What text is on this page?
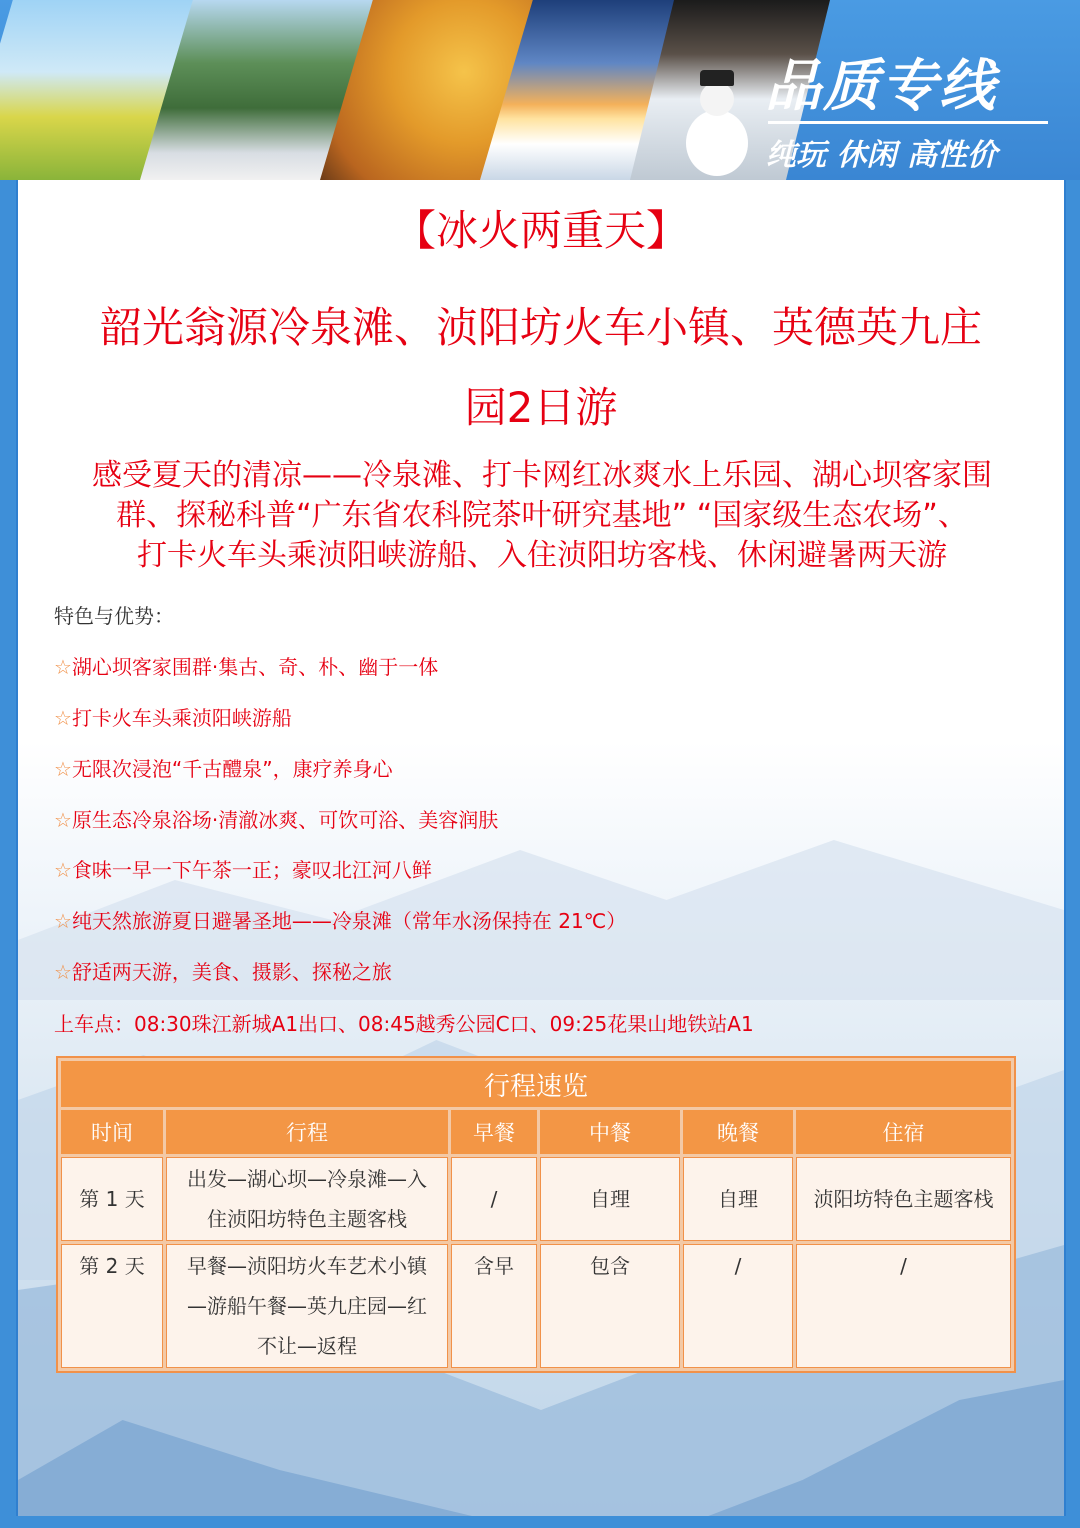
品质专线
纯玩 休闲 高性价
【冰火两重天】
韶光翁源冷泉滩、浈阳坊火车小镇、英德英九庄
园2日游
感受夏天的清凉——冷泉滩、打卡网红冰爽水上乐园、湖心坝客家围
群、探秘科普“广东省农科院茶叶研究基地” “国家级生态农场”、
打卡火车头乘浈阳峡游船、入住浈阳坊客栈、休闲避暑两天游
特色与优势：
☆湖心坝客家围群·集古、奇、朴、幽于一体
☆打卡火车头乘浈阳峡游船
☆无限次浸泡“千古醴泉”，康疗养身心
☆原生态冷泉浴场·清澈冰爽、可饮可浴、美容润肤
☆食味一早一下午茶一正；豪叹北江河八鲜
☆纯天然旅游夏日避暑圣地——冷泉滩（常年水汤保持在 21℃）
☆舒适两天游，美食、摄影、探秘之旅
上车点：08:30珠江新城A1出口、08:45越秀公园C口、09:25花果山地铁站A1
行程速览					
时间	行程	早餐	中餐	晚餐	住宿
第 1 天	出发—湖心坝—冷泉滩—入
住浈阳坊特色主题客栈	/	自理	自理	浈阳坊特色主题客栈
第 2 天	早餐—浈阳坊火车艺术小镇
—游船午餐—英九庄园—红
不让—返程	含早	包含	/	/
